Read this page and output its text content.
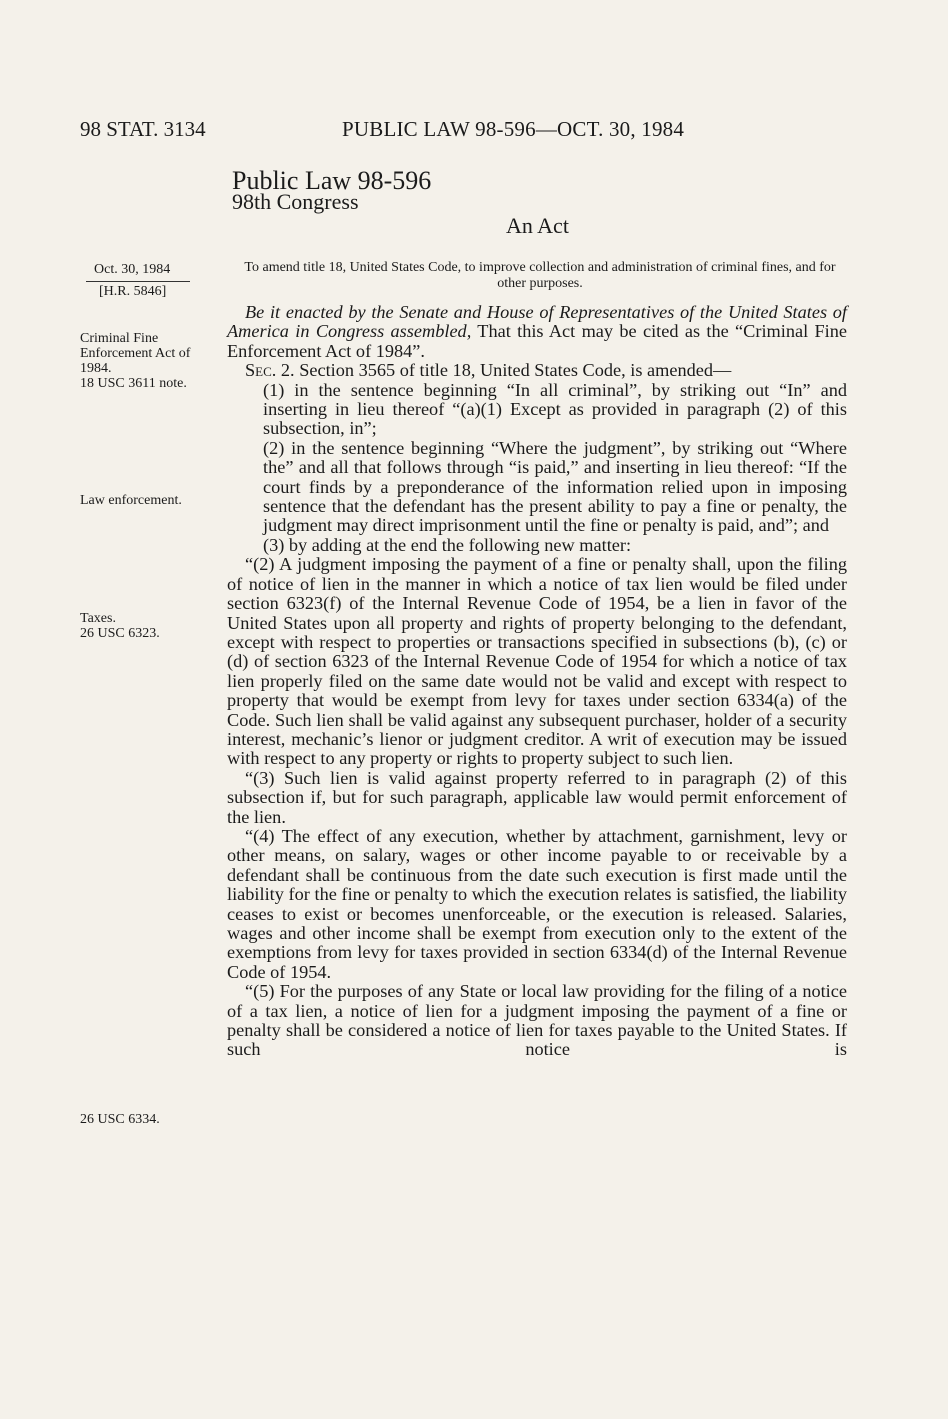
98 STAT. 3134	PUBLIC LAW 98-596—OCT. 30, 1984
Public Law 98-596
98th Congress
An Act
Oct. 30, 1984
[H.R. 5846]
To amend title 18, United States Code, to improve collection and administration of criminal fines, and for other purposes.
Criminal Fine Enforcement Act of 1984.
18 USC 3611 note.
Law enforcement.
Taxes.
26 USC 6323.
26 USC 6334.

Be it enacted by the Senate and House of Representatives of the United States of America in Congress assembled, That this Act may be cited as the “Criminal Fine Enforcement Act of 1984”.

Sec. 2. Section 3565 of title 18, United States Code, is amended—

(1) in the sentence beginning “In all criminal”, by striking out “In” and inserting in lieu thereof “(a)(1) Except as provided in paragraph (2) of this subsection, in”;

(2) in the sentence beginning “Where the judgment”, by striking out “Where the” and all that follows through “is paid,” and inserting in lieu thereof: “If the court finds by a preponderance of the information relied upon in imposing sentence that the defendant has the present ability to pay a fine or penalty, the judgment may direct imprisonment until the fine or penalty is paid, and”; and

(3) by adding at the end the following new matter:

“(2) A judgment imposing the payment of a fine or penalty shall, upon the filing of notice of lien in the manner in which a notice of tax lien would be filed under section 6323(f) of the Internal Revenue Code of 1954, be a lien in favor of the United States upon all property and rights of property belonging to the defendant, except with respect to properties or transactions specified in subsections (b), (c) or (d) of section 6323 of the Internal Revenue Code of 1954 for which a notice of tax lien properly filed on the same date would not be valid and except with respect to property that would be exempt from levy for taxes under section 6334(a) of the Code. Such lien shall be valid against any subsequent purchaser, holder of a security interest, mechanic’s lienor or judgment creditor. A writ of execution may be issued with respect to any property or rights to property subject to such lien.

“(3) Such lien is valid against property referred to in paragraph (2) of this subsection if, but for such paragraph, applicable law would permit enforcement of the lien.

“(4) The effect of any execution, whether by attachment, garnishment, levy or other means, on salary, wages or other income payable to or receivable by a defendant shall be continuous from the date such execution is first made until the liability for the fine or penalty to which the execution relates is satisfied, the liability ceases to exist or becomes unenforceable, or the execution is released. Salaries, wages and other income shall be exempt from execution only to the extent of the exemptions from levy for taxes provided in section 6334(d) of the Internal Revenue Code of 1954.

“(5) For the purposes of any State or local law providing for the filing of a notice of a tax lien, a notice of lien for a judgment imposing the payment of a fine or penalty shall be considered a notice of lien for taxes payable to the United States. If such notice is
